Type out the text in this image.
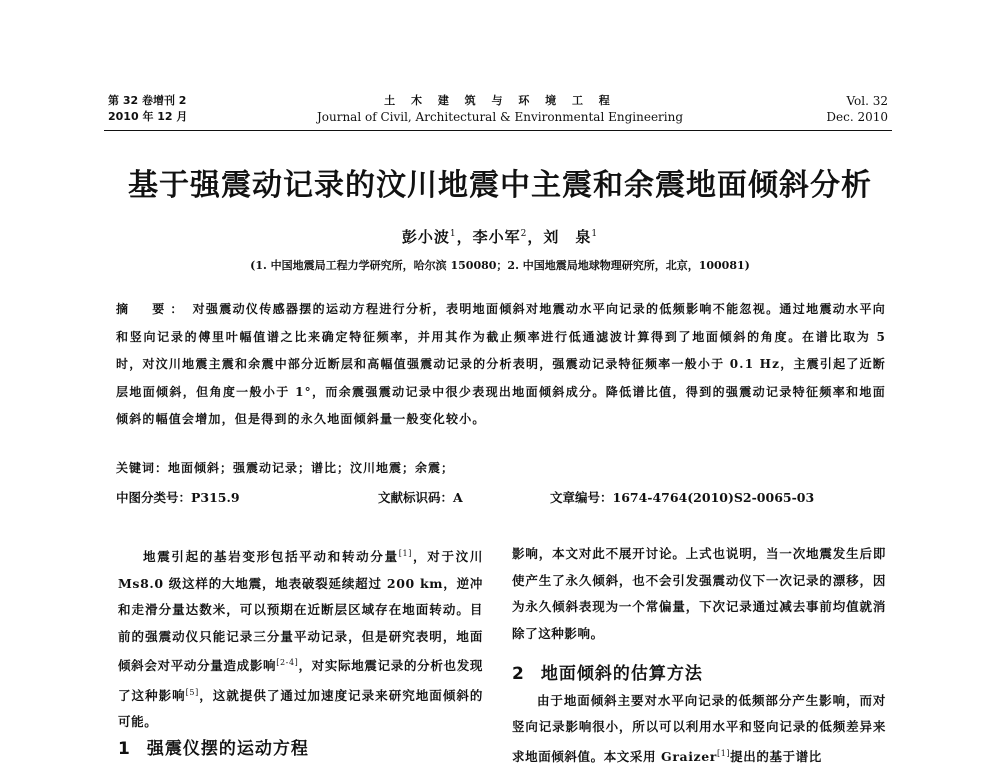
第 32 卷增刊 2
2010 年 12 月
土 木 建 筑 与 环 境 工 程
Journal of Civil, Architectural & Environmental Engineering
Vol. 32
Dec. 2010
基于强震动记录的汶川地震中主震和余震地面倾斜分析
彭小波$^1$，李小军$^2$，刘　泉$^1$
(1. 中国地震局工程力学研究所，哈尔滨 150080；2. 中国地震局地球物理研究所，北京，100081)
摘　要： 对强震动仪传感器摆的运动方程进行分析，表明地面倾斜对地震动水平向记录的低频影响不能忽视。通过地震动水平向和竖向记录的傅里叶幅值谱之比来确定特征频率，并用其作为截止频率进行低通滤波计算得到了地面倾斜的角度。在谱比取为 5 时，对汶川地震主震和余震中部分近断层和高幅值强震动记录的分析表明，强震动记录特征频率一般小于 0.1 Hz，主震引起了近断层地面倾斜，但角度一般小于 1°，而余震强震动记录中很少表现出地面倾斜成分。降低谱比值，得到的强震动记录特征频率和地面倾斜的幅值会增加，但是得到的永久地面倾斜量一般变化较小。
关键词：地面倾斜；强震动记录；谱比；汶川地震；余震；
中图分类号：P315.9	文献标识码：A	文章编号：1674-4764(2010)S2-0065-03

地震引起的基岩变形包括平动和转动分量[1]，对于汶川 Ms8.0 级这样的大地震，地表破裂延续超过 200 km，逆冲和走滑分量达数米，可以预期在近断层区域存在地面转动。目前的强震动仪只能记录三分量平动记录，但是研究表明，地面倾斜会对平动分量造成影响[2-4]，对实际地震记录的分析也发现了这种影响[5]，这就提供了通过加速度记录来研究地面倾斜的可能。

1 强震仪摆的运动方程

影响，本文对此不展开讨论。上式也说明，当一次地震发生后即使产生了永久倾斜，也不会引发强震动仪下一次记录的漂移，因为永久倾斜表现为一个常偏量，下次记录通过减去事前均值就消除了这种影响。

2 地面倾斜的估算方法

由于地面倾斜主要对水平向记录的低频部分产生影响，而对竖向记录影响很小，所以可以利用水平和竖向记录的低频差异来求地面倾斜值。本文采用 Graizer[1]提出的基于谱比
